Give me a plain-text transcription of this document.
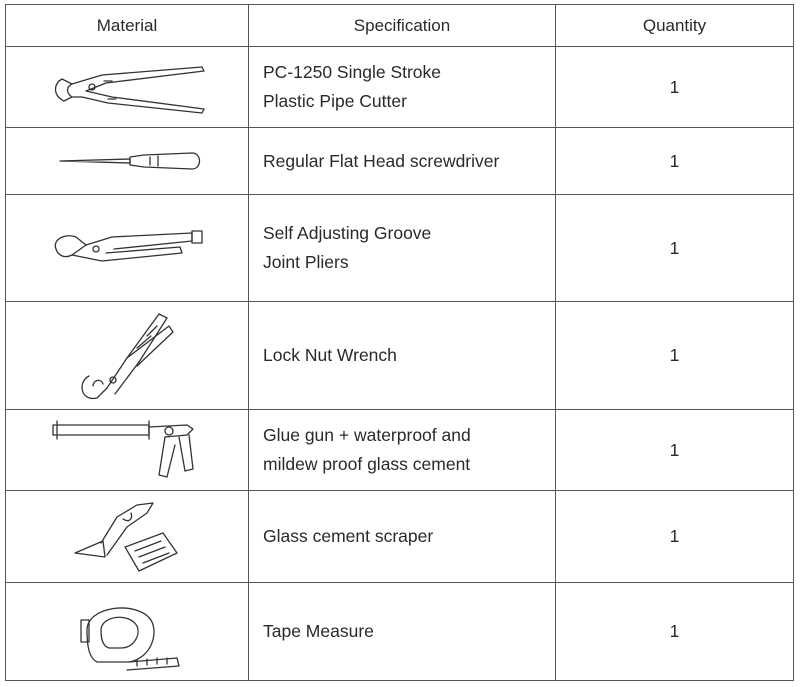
Material	Specification	Quantity

PC-1250 Single Stroke
Plastic Pipe Cutter	1

Regular Flat Head screwdriver	1

Self Adjusting Groove
Joint Pliers	1

Lock Nut Wrench	1

Glue gun + waterproof and
mildew proof glass cement	1

Glass cement scraper	1

Tape Measure	1
